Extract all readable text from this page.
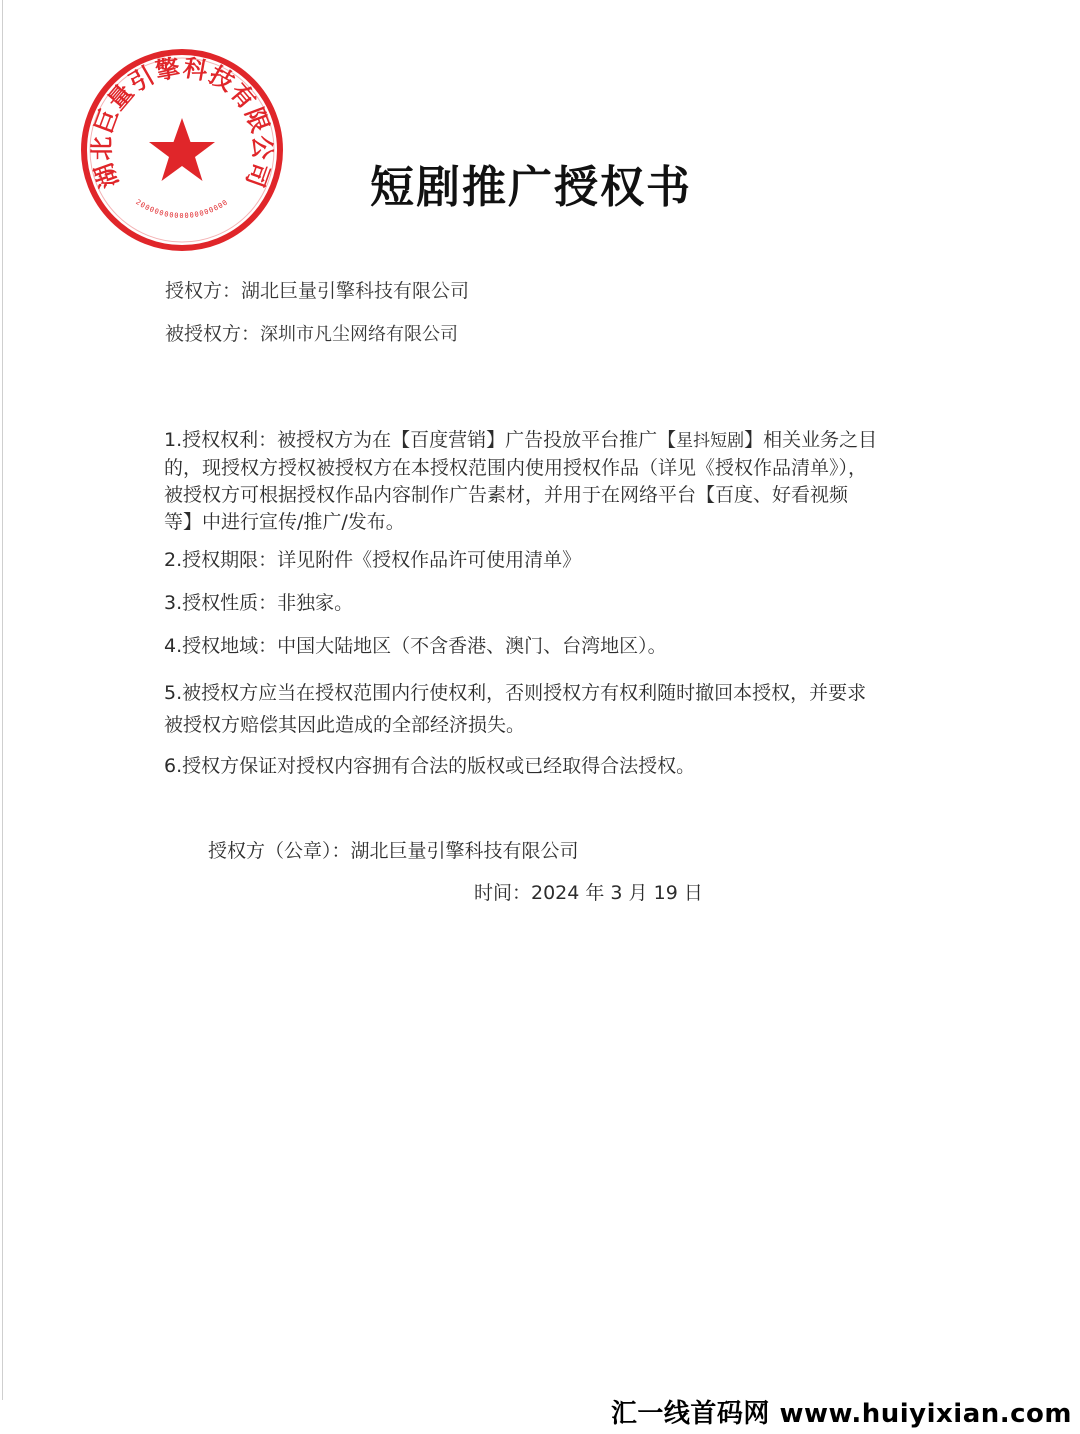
湖北巨量引擎科技有限公司
2000000000000000000	短剧推广授权书
授权方：湖北巨量引擎科技有限公司
被授权方：深圳市凡尘网络有限公司
1.授权权利：被授权方为在【百度营销】广告投放平台推广【星抖短剧】相关业务之目
的，现授权方授权被授权方在本授权范围内使用授权作品（详见《授权作品清单》），
被授权方可根据授权作品内容制作广告素材，并用于在网络平台【百度、好看视频
等】中进行宣传/推广/发布。
2.授权期限：详见附件《授权作品许可使用清单》
3.授权性质：非独家。
4.授权地域：中国大陆地区（不含香港、澳门、台湾地区）。
5.被授权方应当在授权范围内行使权利，否则授权方有权利随时撤回本授权，并要求
被授权方赔偿其因此造成的全部经济损失。
6.授权方保证对授权内容拥有合法的版权或已经取得合法授权。
授权方（公章）：湖北巨量引擎科技有限公司
时间：2024 年 3 月 19 日
汇一线首码网 www.huiyixian.com
